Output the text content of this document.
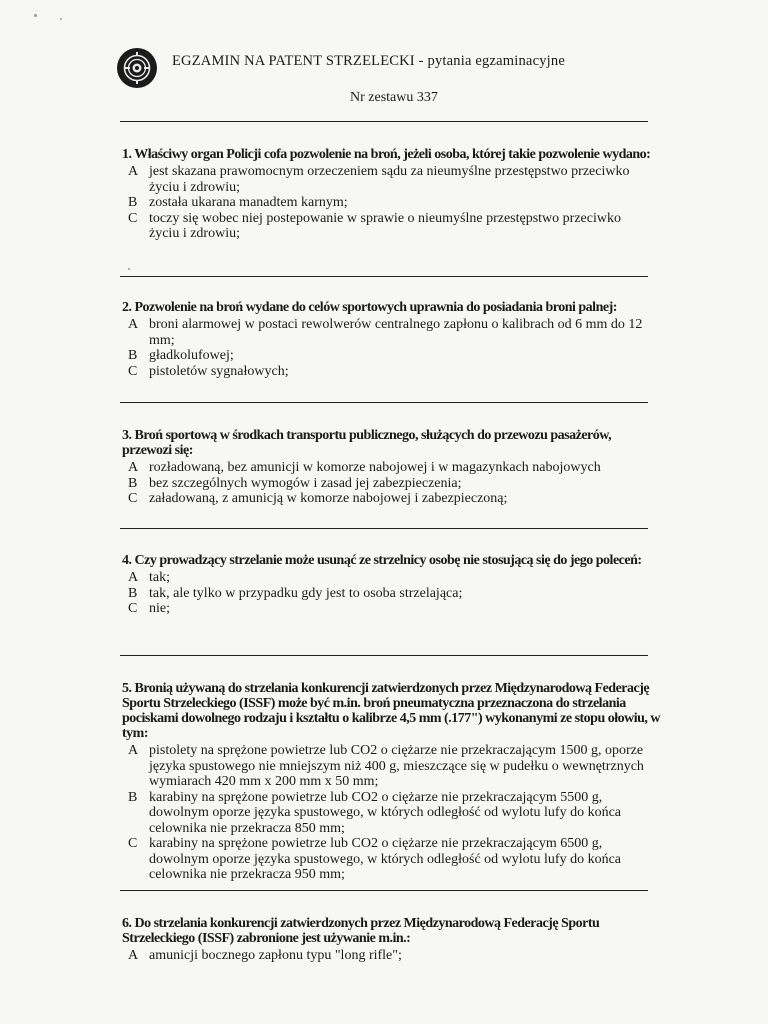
EGZAMIN NA PATENT STRZELECKI - pytania egzaminacyjne
Nr zestawu 337

1. Właściwy organ Policji cofa pozwolenie na broń, jeżeli osoba, której takie pozwolenie wydano:

A jest skazana prawomocnym orzeczeniem sądu za nieumyślne przestępstwo przeciwko życiu i zdrowiu;
B została ukarana manadtem karnym;
C toczy się wobec niej postepowanie w sprawie o nieumyślne przestępstwo przeciwko życiu i zdrowiu;

2. Pozwolenie na broń wydane do celów sportowych uprawnia do posiadania broni palnej:

A broni alarmowej w postaci rewolwerów centralnego zapłonu o kalibrach od 6 mm do 12 mm;
B gładkolufowej;
C pistoletów sygnałowych;

3. Broń sportową w środkach transportu publicznego, służących do przewozu pasażerów, przewozi się:

A rozładowaną, bez amunicji w komorze nabojowej i w magazynkach nabojowych
B bez szczególnych wymogów i zasad jej zabezpieczenia;
C załadowaną, z amunicją w komorze nabojowej i zabezpieczoną;

4. Czy prowadzący strzelanie może usunąć ze strzelnicy osobę nie stosującą się do jego poleceń:

A tak;
B tak, ale tylko w przypadku gdy jest to osoba strzelająca;
C nie;

5. Bronią używaną do strzelania konkurencji zatwierdzonych przez Międzynarodową Federację Sportu Strzeleckiego (ISSF) może być m.in. broń pneumatyczna przeznaczona do strzelania pociskami dowolnego rodzaju i kształtu o kalibrze 4,5 mm (.177") wykonanymi ze stopu ołowiu, w tym:

A pistolety na sprężone powietrze lub CO2 o ciężarze nie przekraczającym 1500 g, oporze języka spustowego nie mniejszym niż 400 g, mieszczące się w pudełku o wewnętrznych wymiarach 420 mm x 200 mm x 50 mm;
B karabiny na sprężone powietrze lub CO2 o ciężarze nie przekraczającym 5500 g, dowolnym oporze języka spustowego, w których odległość od wylotu lufy do końca celownika nie przekracza 850 mm;
C karabiny na sprężone powietrze lub CO2 o ciężarze nie przekraczającym 6500 g, dowolnym oporze języka spustowego, w których odległość od wylotu lufy do końca celownika nie przekracza 950 mm;

6. Do strzelania konkurencji zatwierdzonych przez Międzynarodową Federację Sportu Strzeleckiego (ISSF) zabronione jest używanie m.in.:

A amunicji bocznego zapłonu typu "long rifle";
